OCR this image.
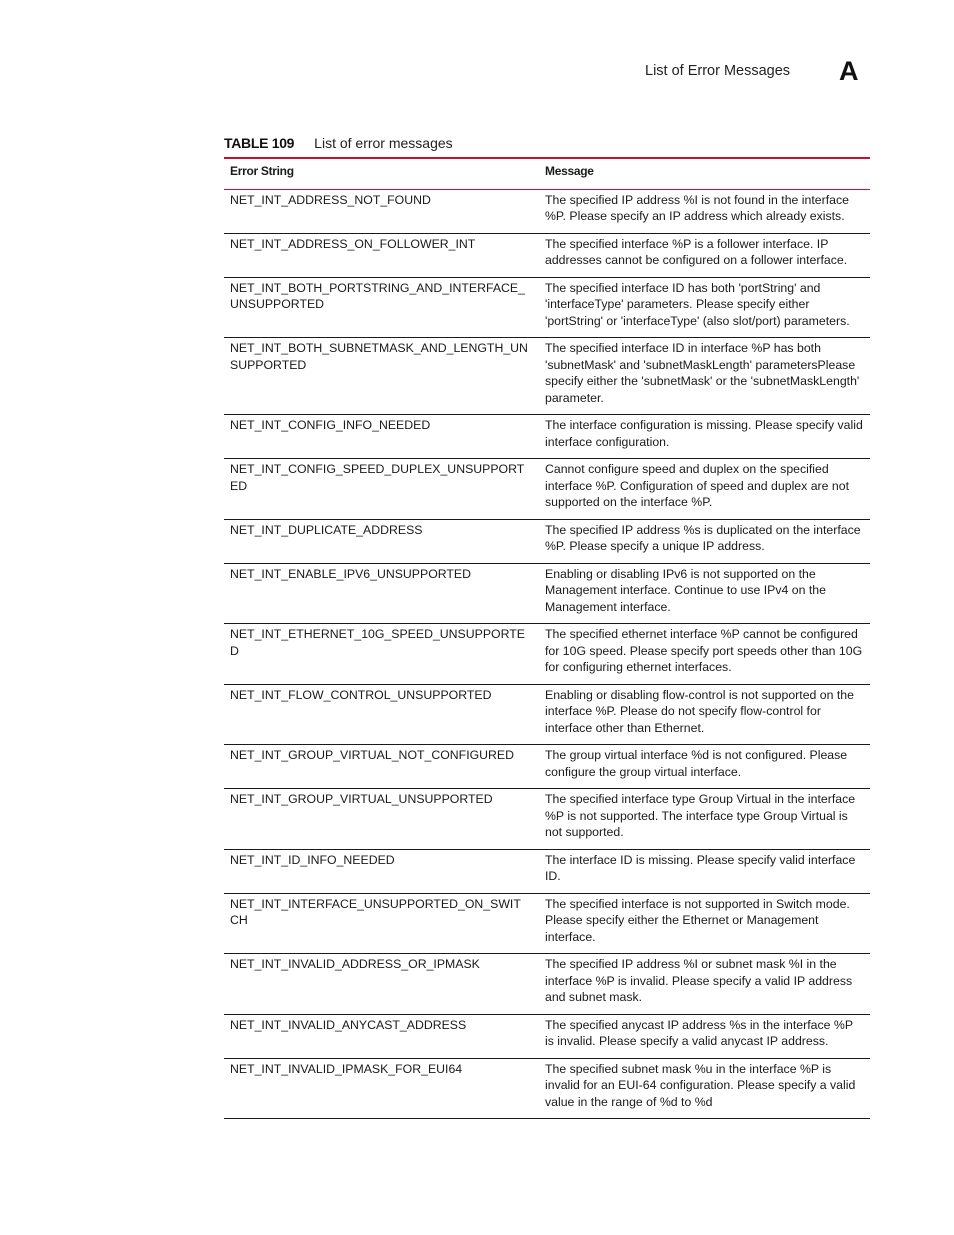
List of Error Messages A
TABLE 109 List of error messages
Error String	Message
NET_INT_ADDRESS_NOT_FOUND	The specified IP address %I is not found in the interface %P. Please specify an IP address which already exists.
NET_INT_ADDRESS_ON_FOLLOWER_INT	The specified interface %P is a follower interface. IP addresses cannot be configured on a follower interface.
NET_INT_BOTH_PORTSTRING_AND_INTERFACE_UNSUPPORTED	The specified interface ID has both 'portString' and 'interfaceType' parameters. Please specify either 'portString' or 'interfaceType' (also slot/port) parameters.
NET_INT_BOTH_SUBNETMASK_AND_LENGTH_UNSUPPORTED	The specified interface ID in interface %P has both 'subnetMask' and 'subnetMaskLength' parametersPlease specify either the 'subnetMask' or the 'subnetMaskLength' parameter.
NET_INT_CONFIG_INFO_NEEDED	The interface configuration is missing. Please specify valid interface configuration.
NET_INT_CONFIG_SPEED_DUPLEX_UNSUPPORTED	Cannot configure speed and duplex on the specified interface %P. Configuration of speed and duplex are not supported on the interface %P.
NET_INT_DUPLICATE_ADDRESS	The specified IP address %s is duplicated on the interface %P. Please specify a unique IP address.
NET_INT_ENABLE_IPV6_UNSUPPORTED	Enabling or disabling IPv6 is not supported on the Management interface. Continue to use IPv4 on the Management interface.
NET_INT_ETHERNET_10G_SPEED_UNSUPPORTED	The specified ethernet interface %P cannot be configured for 10G speed. Please specify port speeds other than 10G for configuring ethernet interfaces.
NET_INT_FLOW_CONTROL_UNSUPPORTED	Enabling or disabling flow-control is not supported on the interface %P. Please do not specify flow-control for interface other than Ethernet.
NET_INT_GROUP_VIRTUAL_NOT_CONFIGURED	The group virtual interface %d is not configured. Please configure the group virtual interface.
NET_INT_GROUP_VIRTUAL_UNSUPPORTED	The specified interface type Group Virtual in the interface %P is not supported. The interface type Group Virtual is not supported.
NET_INT_ID_INFO_NEEDED	The interface ID is missing. Please specify valid interface ID.
NET_INT_INTERFACE_UNSUPPORTED_ON_SWITCH	The specified interface is not supported in Switch mode. Please specify either the Ethernet or Management interface.
NET_INT_INVALID_ADDRESS_OR_IPMASK	The specified IP address %I or subnet mask %I in the interface %P is invalid. Please specify a valid IP address and subnet mask.
NET_INT_INVALID_ANYCAST_ADDRESS	The specified anycast IP address %s in the interface %P is invalid. Please specify a valid anycast IP address.
NET_INT_INVALID_IPMASK_FOR_EUI64	The specified subnet mask %u in the interface %P is invalid for an EUI-64 configuration. Please specify a valid value in the range of %d to %d
